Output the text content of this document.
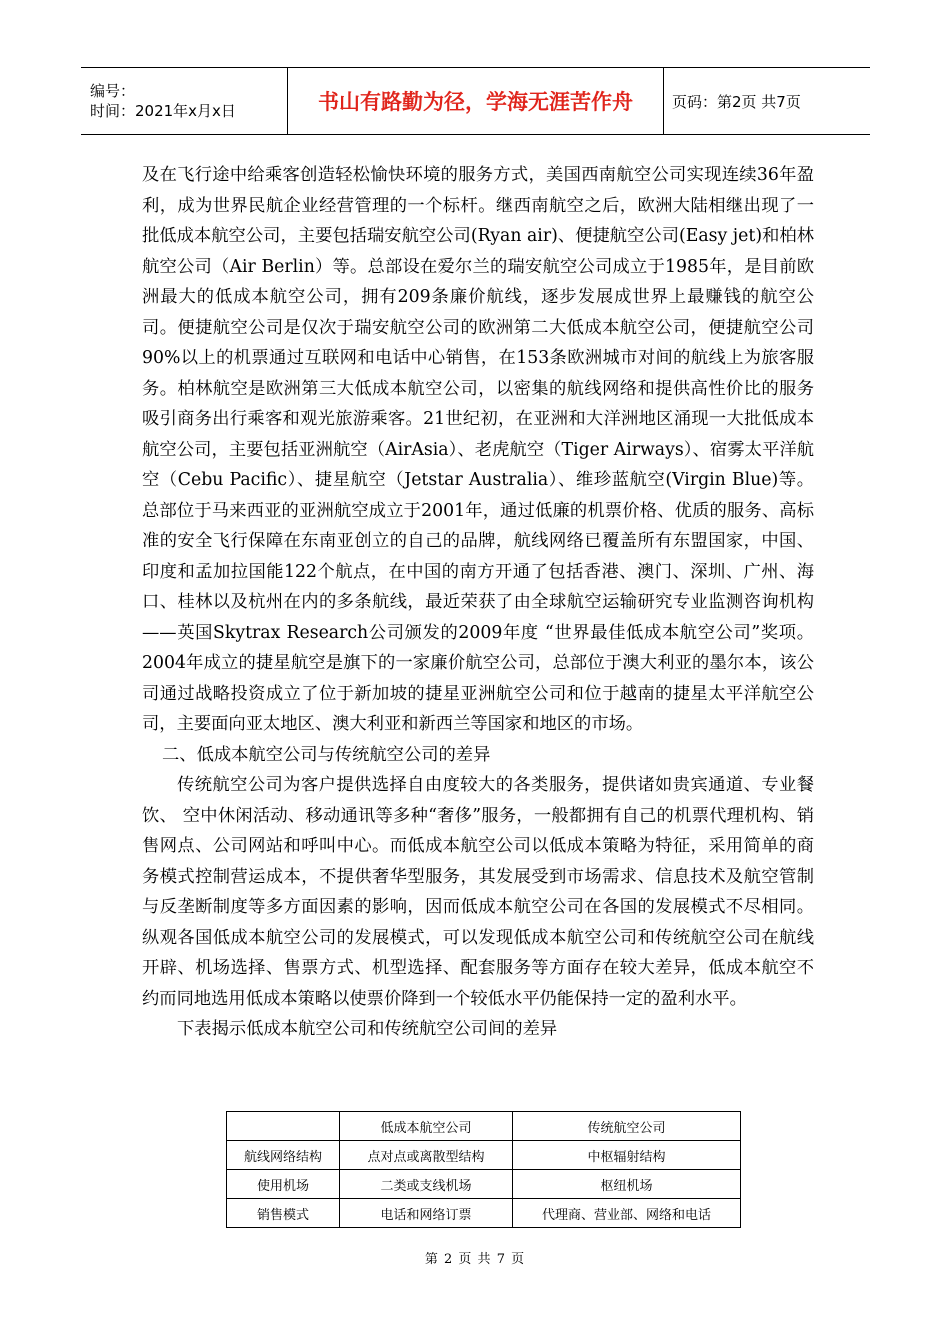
编号：
时间：2021年x月x日	书山有路勤为径，学海无涯苦作舟	页码：第2页 共7页

及在飞行途中给乘客创造轻松愉快环境的服务方式，美国西南航空公司实现连续36年盈利，成为世界民航企业经营管理的一个标杆。继西南航空之后，欧洲大陆相继出现了一批低成本航空公司，主要包括瑞安航空公司(Ryan air)、便捷航空公司(Easy jet)和柏林航空公司（Air Berlin）等。总部设在爱尔兰的瑞安航空公司成立于1985年，是目前欧洲最大的低成本航空公司，拥有209条廉价航线，逐步发展成世界上最赚钱的航空公司。便捷航空公司是仅次于瑞安航空公司的欧洲第二大低成本航空公司，便捷航空公司90%以上的机票通过互联网和电话中心销售，在153条欧洲城市对间的航线上为旅客服务。柏林航空是欧洲第三大低成本航空公司，以密集的航线网络和提供高性价比的服务吸引商务出行乘客和观光旅游乘客。21世纪初，在亚洲和大洋洲地区涌现一大批低成本航空公司，主要包括亚洲航空（AirAsia）、老虎航空（Tiger Airways）、宿雾太平洋航空（Cebu Pacific）、捷星航空（Jetstar Australia）、维珍蓝航空(Virgin Blue)等。总部位于马来西亚的亚洲航空成立于2001年，通过低廉的机票价格、优质的服务、高标准的安全飞行保障在东南亚创立的自己的品牌，航线网络已覆盖所有东盟国家，中国、印度和孟加拉国能122个航点，在中国的南方开通了包括香港、澳门、深圳、广州、海口、桂林以及杭州在内的多条航线，最近荣获了由全球航空运输研究专业监测咨询机构——英国Skytrax Research公司颁发的2009年度 “世界最佳低成本航空公司”奖项。2004年成立的捷星航空是旗下的一家廉价航空公司，总部位于澳大利亚的墨尔本，该公司通过战略投资成立了位于新加坡的捷星亚洲航空公司和位于越南的捷星太平洋航空公司，主要面向亚太地区、澳大利亚和新西兰等国家和地区的市场。

二、低成本航空公司与传统航空公司的差异

传统航空公司为客户提供选择自由度较大的各类服务，提供诸如贵宾通道、专业餐饮、 空中休闲活动、移动通讯等多种“奢侈”服务，一般都拥有自己的机票代理机构、销售网点、公司网站和呼叫中心。而低成本航空公司以低成本策略为特征，采用简单的商务模式控制营运成本，不提供奢华型服务，其发展受到市场需求、信息技术及航空管制与反垄断制度等多方面因素的影响，因而低成本航空公司在各国的发展模式不尽相同。纵观各国低成本航空公司的发展模式，可以发现低成本航空公司和传统航空公司在航线开辟、机场选择、售票方式、机型选择、配套服务等方面存在较大差异，低成本航空不约而同地选用低成本策略以使票价降到一个较低水平仍能保持一定的盈利水平。

下表揭示低成本航空公司和传统航空公司间的差异

	低成本航空公司	传统航空公司
航线网络结构	点对点或离散型结构	中枢辐射结构
使用机场	二类或支线机场	枢纽机场
销售模式	电话和网络订票	代理商、营业部、网络和电话
第 2 页 共 7 页
